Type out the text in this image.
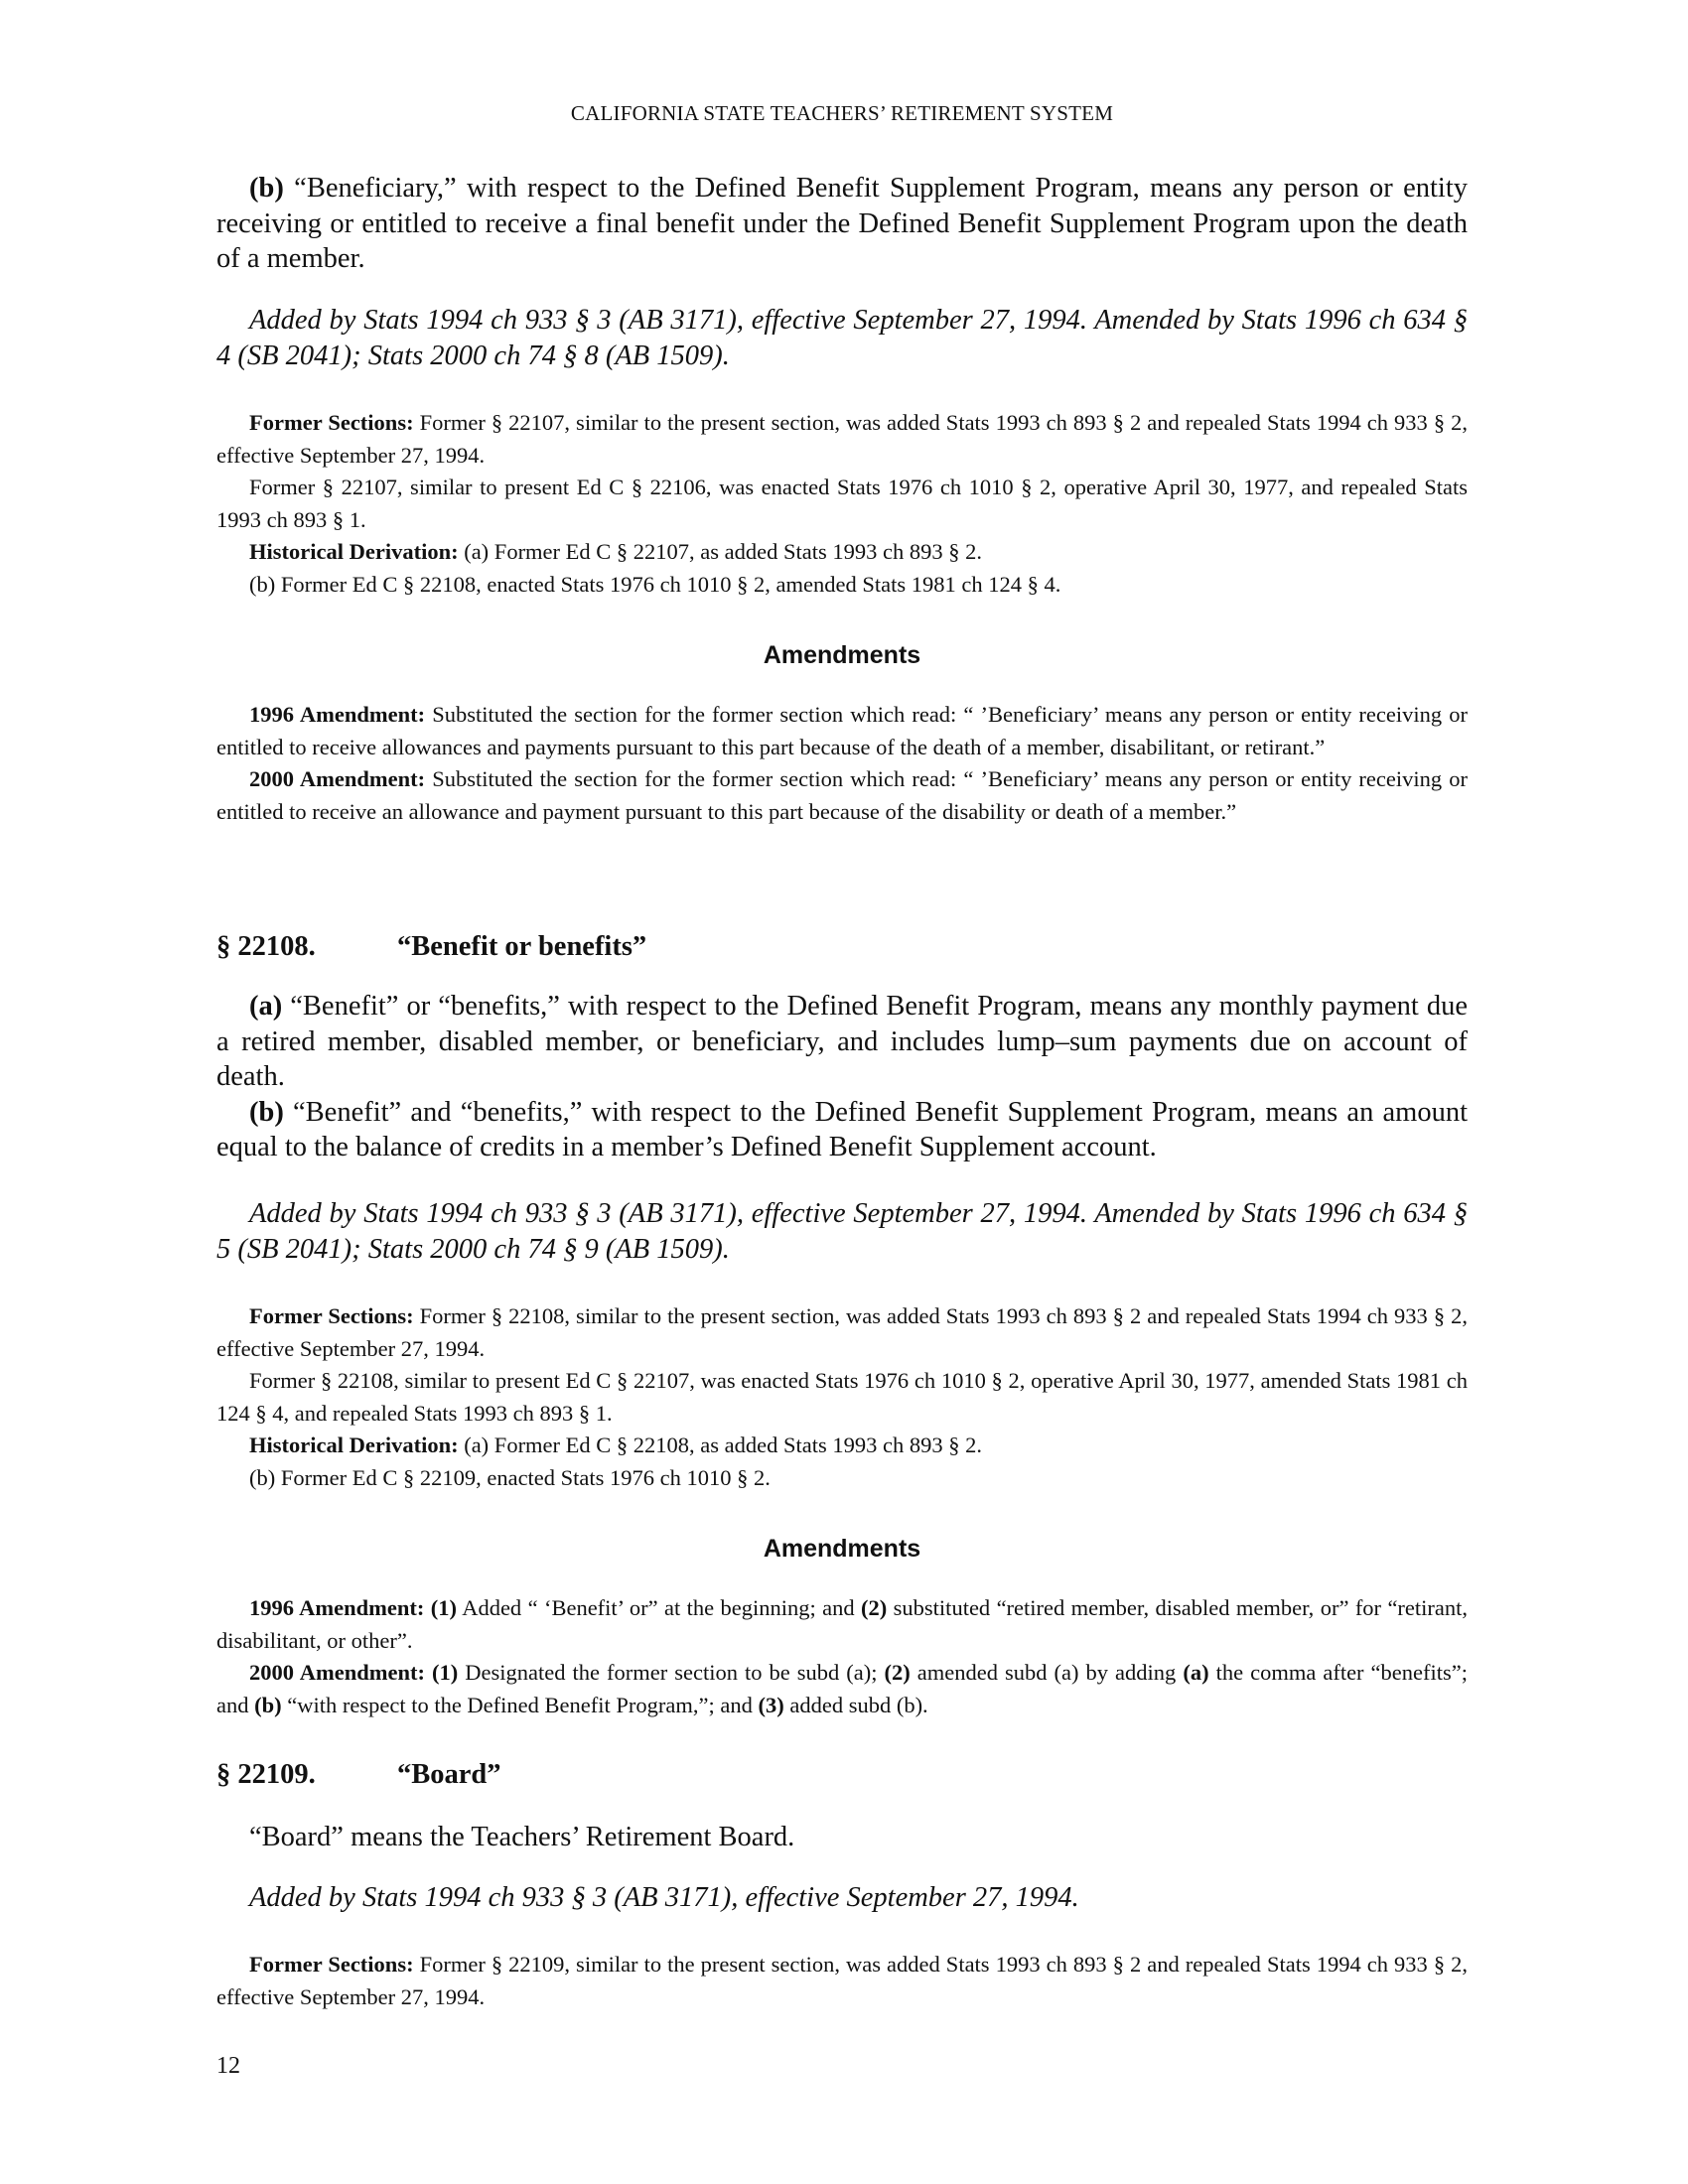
CALIFORNIA STATE TEACHERS’ RETIREMENT SYSTEM

(b) “Beneficiary,” with respect to the Defined Benefit Supplement Program, means any person or entity receiving or entitled to receive a final benefit under the Defined Benefit Supplement Program upon the death of a member.

Added by Stats 1994 ch 933 § 3 (AB 3171), effective September 27, 1994. Amended by Stats 1996 ch 634 § 4 (SB 2041); Stats 2000 ch 74 § 8 (AB 1509).

Former Sections: Former § 22107, similar to the present section, was added Stats 1993 ch 893 § 2 and repealed Stats 1994 ch 933 § 2, effective September 27, 1994.

Former § 22107, similar to present Ed C § 22106, was enacted Stats 1976 ch 1010 § 2, operative April 30, 1977, and repealed Stats 1993 ch 893 § 1.

Historical Derivation: (a) Former Ed C § 22107, as added Stats 1993 ch 893 § 2.

(b) Former Ed C § 22108, enacted Stats 1976 ch 1010 § 2, amended Stats 1981 ch 124 § 4.

Amendments

1996 Amendment: Substituted the section for the former section which read: “ ’Beneficiary’ means any person or entity receiving or entitled to receive allowances and payments pursuant to this part because of the death of a member, disabilitant, or retirant.”

2000 Amendment: Substituted the section for the former section which read: “ ’Beneficiary’ means any person or entity receiving or entitled to receive an allowance and payment pursuant to this part because of the disability or death of a member.”

§ 22108.	“Benefit or benefits”

(a) “Benefit” or “benefits,” with respect to the Defined Benefit Program, means any monthly payment due a retired member, disabled member, or beneficiary, and includes lump–sum payments due on account of death.

(b) “Benefit” and “benefits,” with respect to the Defined Benefit Supplement Program, means an amount equal to the balance of credits in a member’s Defined Benefit Supplement account.

Added by Stats 1994 ch 933 § 3 (AB 3171), effective September 27, 1994. Amended by Stats 1996 ch 634 § 5 (SB 2041); Stats 2000 ch 74 § 9 (AB 1509).

Former Sections: Former § 22108, similar to the present section, was added Stats 1993 ch 893 § 2 and repealed Stats 1994 ch 933 § 2, effective September 27, 1994.

Former § 22108, similar to present Ed C § 22107, was enacted Stats 1976 ch 1010 § 2, operative April 30, 1977, amended Stats 1981 ch 124 § 4, and repealed Stats 1993 ch 893 § 1.

Historical Derivation: (a) Former Ed C § 22108, as added Stats 1993 ch 893 § 2.

(b) Former Ed C § 22109, enacted Stats 1976 ch 1010 § 2.

Amendments

1996 Amendment: (1) Added “ ‘Benefit’ or” at the beginning; and (2) substituted “retired member, disabled member, or” for “retirant, disabilitant, or other”.

2000 Amendment: (1) Designated the former section to be subd (a); (2) amended subd (a) by adding (a) the comma after “benefits”; and (b) “with respect to the Defined Benefit Program,”; and (3) added subd (b).

§ 22109.	“Board”

“Board” means the Teachers’ Retirement Board.

Added by Stats 1994 ch 933 § 3 (AB 3171), effective September 27, 1994.

Former Sections: Former § 22109, similar to the present section, was added Stats 1993 ch 893 § 2 and repealed Stats 1994 ch 933 § 2, effective September 27, 1994.

12
